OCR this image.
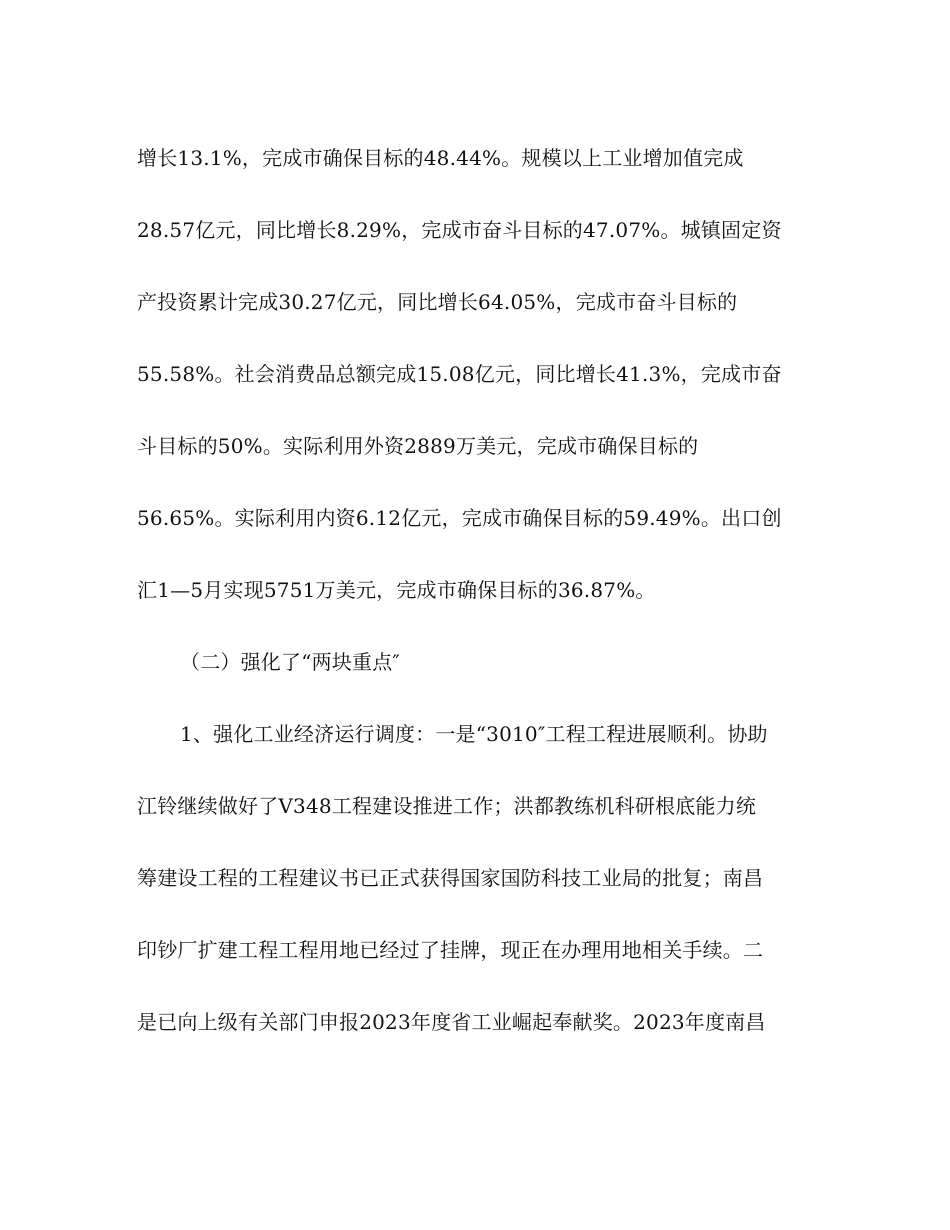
增长13.1%，完成市确保目标的48.44%。规模以上工业增加值完成
28.57亿元，同比增长8.29%，完成市奋斗目标的47.07%。城镇固定资
产投资累计完成30.27亿元，同比增长64.05%，完成市奋斗目标的
55.58%。社会消费品总额完成15.08亿元，同比增长41.3%，完成市奋
斗目标的50%。实际利用外资2889万美元，完成市确保目标的
56.65%。实际利用内资6.12亿元，完成市确保目标的59.49%。出口创
汇1—5月实现5751万美元，完成市确保目标的36.87%。
（二）强化了“两块重点″
1、强化工业经济运行调度：一是“3010″工程工程进展顺利。协助
江铃继续做好了V348工程建设推进工作；洪都教练机科研根底能力统
筹建设工程的工程建议书已正式获得国家国防科技工业局的批复；南昌
印钞厂扩建工程工程用地已经过了挂牌，现正在办理用地相关手续。二
是已向上级有关部门申报2023年度省工业崛起奉献奖。2023年度南昌
